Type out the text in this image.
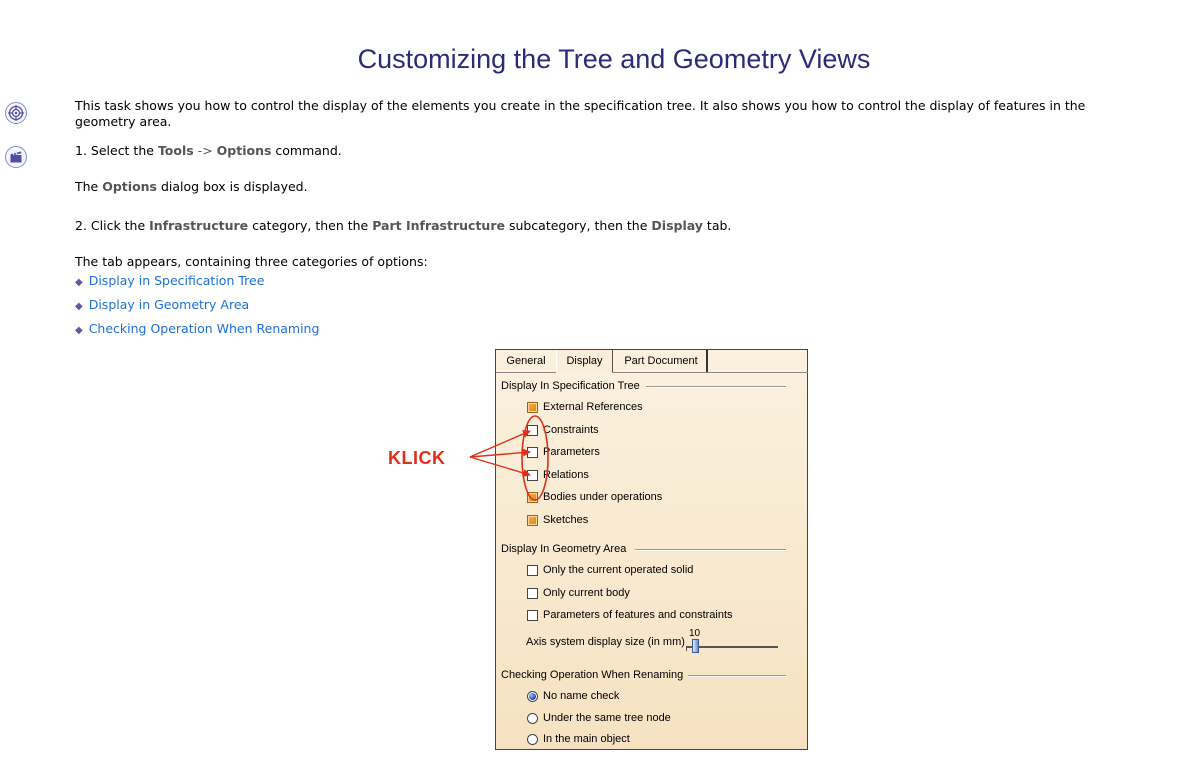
Customizing the Tree and Geometry Views
This task shows you how to control the display of the elements you create in the specification tree. It also shows you how to control the display of features in the geometry area.
1. Select the Tools -> Options command.
The Options dialog box is displayed.
2. Click the Infrastructure category, then the Part Infrastructure subcategory, then the Display tab.
The tab appears, containing three categories of options:
◆ Display in Specification Tree
◆ Display in Geometry Area
◆ Checking Operation When Renaming
General	Display	Part Document
Display In Specification Tree
External References
Constraints
Parameters
Relations
Bodies under operations
Sketches
Display In Geometry Area
Only the current operated solid
Only current body
Parameters of features and constraints
Axis system display size (in mm)
10
Checking Operation When Renaming
No name check
Under the same tree node
In the main object
KLICK
